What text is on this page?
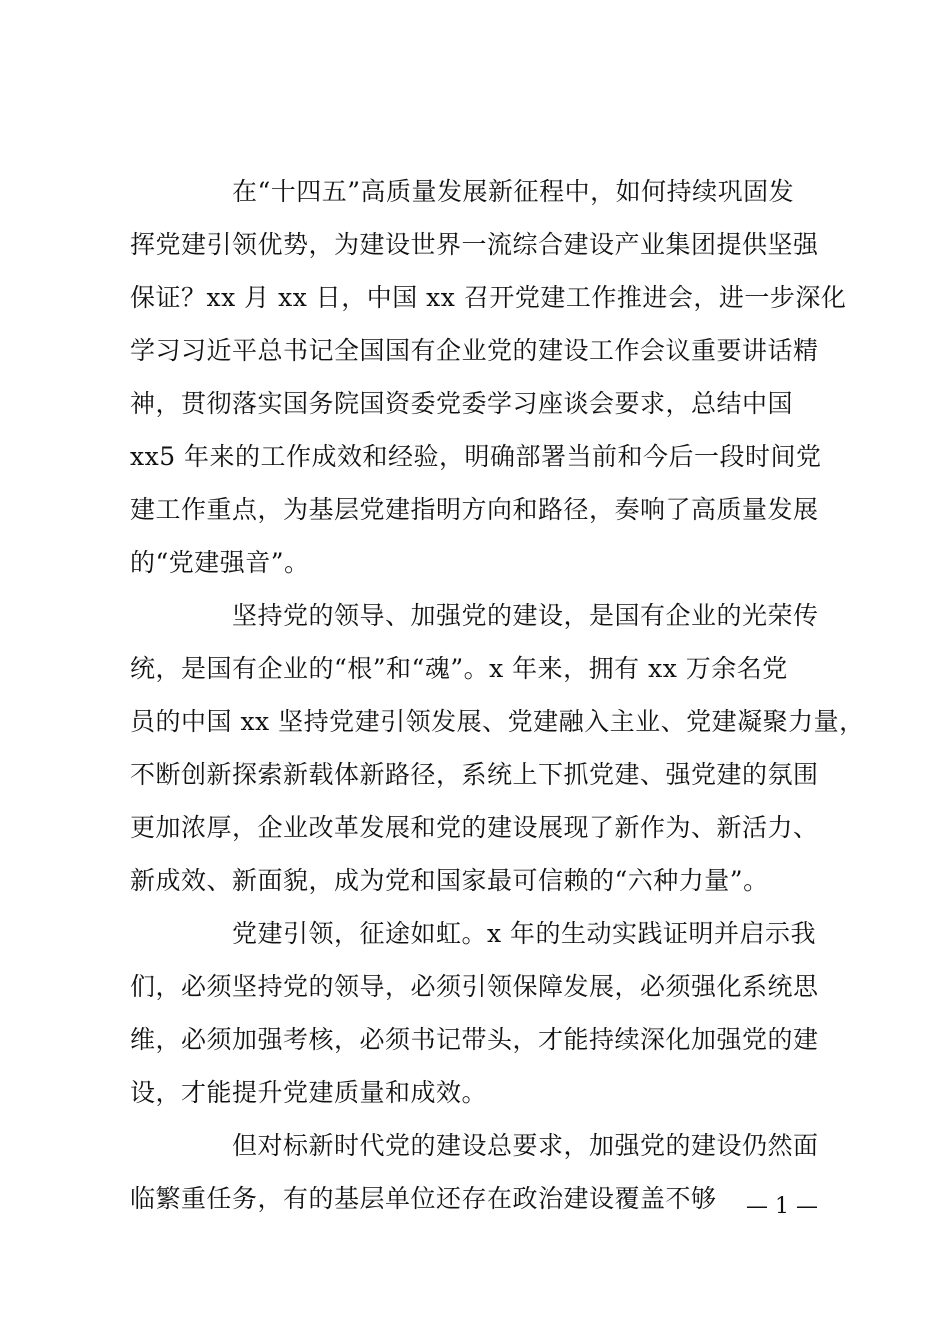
在“十四五”高质量发展新征程中，如何持续巩固发
挥党建引领优势，为建设世界一流综合建设产业集团提供坚强
保证？xx 月 xx 日，中国 xx 召开党建工作推进会，进一步深化
学习习近平总书记全国国有企业党的建设工作会议重要讲话精
神，贯彻落实国务院国资委党委学习座谈会要求，总结中国
xx5 年来的工作成效和经验，明确部署当前和今后一段时间党
建工作重点，为基层党建指明方向和路径，奏响了高质量发展
的“党建强音”。
坚持党的领导、加强党的建设，是国有企业的光荣传
统，是国有企业的“根”和“魂”。x 年来，拥有 xx 万余名党
员的中国 xx 坚持党建引领发展、党建融入主业、党建凝聚力量，
不断创新探索新载体新路径，系统上下抓党建、强党建的氛围
更加浓厚，企业改革发展和党的建设展现了新作为、新活力、
新成效、新面貌，成为党和国家最可信赖的“六种力量”。
党建引领，征途如虹。x 年的生动实践证明并启示我
们，必须坚持党的领导，必须引领保障发展，必须强化系统思
维，必须加强考核，必须书记带头，才能持续深化加强党的建
设，才能提升党建质量和成效。
但对标新时代党的建设总要求，加强党的建设仍然面
临繁重任务，有的基层单位还存在政治建设覆盖不够 — 1 —
